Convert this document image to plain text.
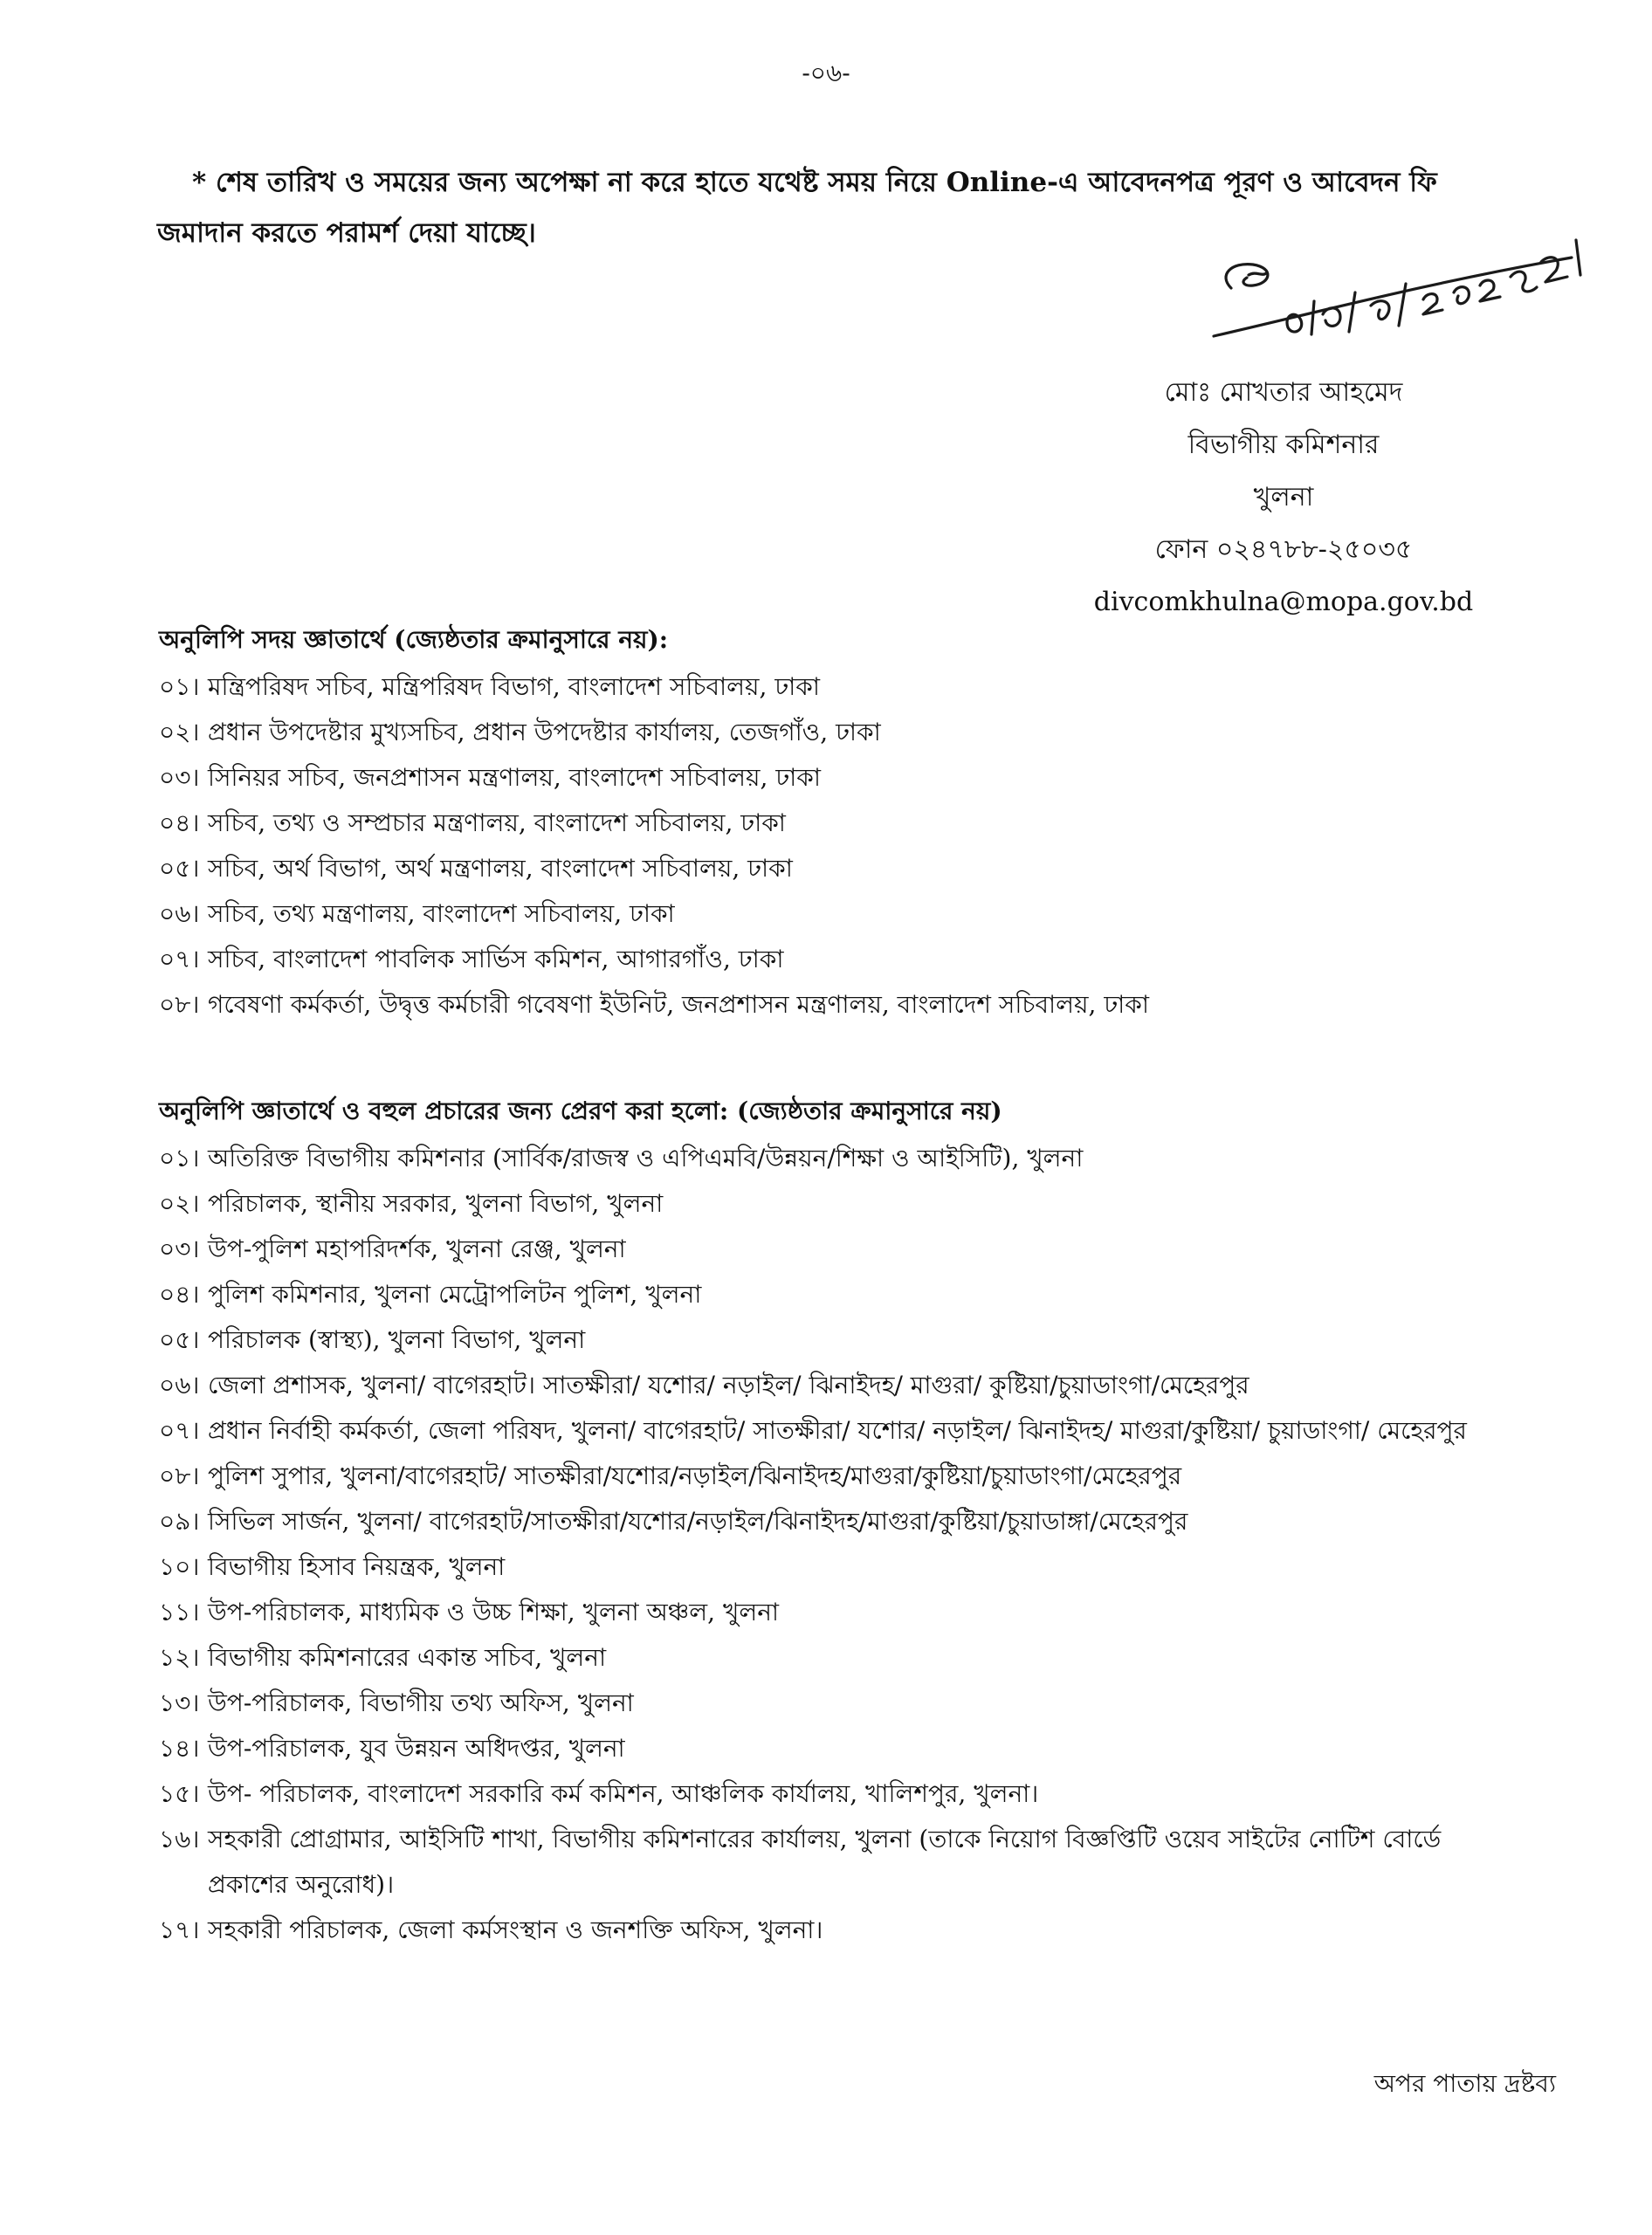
-০৬-
* শেষ তারিখ ও সময়ের জন্য অপেক্ষা না করে হাতে যথেষ্ট সময় নিয়ে Online-এ আবেদনপত্র পূরণ ও আবেদন ফি জমাদান করতে পরামর্শ দেয়া যাচ্ছে।
মোঃ মোখতার আহমেদ
বিভাগীয় কমিশনার
খুলনা
ফোন ০২৪৭৮৮-২৫০৩৫
divcomkhulna@mopa.gov.bd
অনুলিপি সদয় জ্ঞাতার্থে (জ্যেষ্ঠতার ক্রমানুসারে নয়):
০১। মন্ত্রিপরিষদ সচিব, মন্ত্রিপরিষদ বিভাগ, বাংলাদেশ সচিবালয়, ঢাকা
০২। প্রধান উপদেষ্টার মুখ্যসচিব, প্রধান উপদেষ্টার কার্যালয়, তেজগাঁও, ঢাকা
০৩। সিনিয়র সচিব, জনপ্রশাসন মন্ত্রণালয়, বাংলাদেশ সচিবালয়, ঢাকা
০৪। সচিব, তথ্য ও সম্প্রচার মন্ত্রণালয়, বাংলাদেশ সচিবালয়, ঢাকা
০৫। সচিব, অর্থ বিভাগ, অর্থ মন্ত্রণালয়, বাংলাদেশ সচিবালয়, ঢাকা
০৬। সচিব, তথ্য মন্ত্রণালয়, বাংলাদেশ সচিবালয়, ঢাকা
০৭। সচিব, বাংলাদেশ পাবলিক সার্ভিস কমিশন, আগারগাঁও, ঢাকা
০৮। গবেষণা কর্মকর্তা, উদ্বৃত্ত কর্মচারী গবেষণা ইউনিট, জনপ্রশাসন মন্ত্রণালয়, বাংলাদেশ সচিবালয়, ঢাকা
অনুলিপি জ্ঞাতার্থে ও বহুল প্রচারের জন্য প্রেরণ করা হলো: (জ্যেষ্ঠতার ক্রমানুসারে নয়)
০১। অতিরিক্ত বিভাগীয় কমিশনার (সার্বিক/রাজস্ব ও এপিএমবি/উন্নয়ন/শিক্ষা ও আইসিটি), খুলনা
০২। পরিচালক, স্থানীয় সরকার, খুলনা বিভাগ, খুলনা
০৩। উপ-পুলিশ মহাপরিদর্শক, খুলনা রেঞ্জ, খুলনা
০৪। পুলিশ কমিশনার, খুলনা মেট্রোপলিটন পুলিশ, খুলনা
০৫। পরিচালক (স্বাস্থ্য), খুলনা বিভাগ, খুলনা
০৬। জেলা প্রশাসক, খুলনা/ বাগেরহাট। সাতক্ষীরা/ যশোর/ নড়াইল/ ঝিনাইদহ/ মাগুরা/ কুষ্টিয়া/চুয়াডাংগা/মেহেরপুর
০৭। প্রধান নির্বাহী কর্মকর্তা, জেলা পরিষদ, খুলনা/ বাগেরহাট/ সাতক্ষীরা/ যশোর/ নড়াইল/ ঝিনাইদহ/ মাগুরা/কুষ্টিয়া/ চুয়াডাংগা/ মেহেরপুর
০৮। পুলিশ সুপার, খুলনা/বাগেরহাট/ সাতক্ষীরা/যশোর/নড়াইল/ঝিনাইদহ/মাগুরা/কুষ্টিয়া/চুয়াডাংগা/মেহেরপুর
০৯। সিভিল সার্জন, খুলনা/ বাগেরহাট/সাতক্ষীরা/যশোর/নড়াইল/ঝিনাইদহ/মাগুরা/কুষ্টিয়া/চুয়াডাঙ্গা/মেহেরপুর
১০। বিভাগীয় হিসাব নিয়ন্ত্রক, খুলনা
১১। উপ-পরিচালক, মাধ্যমিক ও উচ্চ শিক্ষা, খুলনা অঞ্চল, খুলনা
১২। বিভাগীয় কমিশনারের একান্ত সচিব, খুলনা
১৩। উপ-পরিচালক, বিভাগীয় তথ্য অফিস, খুলনা
১৪। উপ-পরিচালক, যুব উন্নয়ন অধিদপ্তর, খুলনা
১৫। উপ- পরিচালক, বাংলাদেশ সরকারি কর্ম কমিশন, আঞ্চলিক কার্যালয়, খালিশপুর, খুলনা।
১৬। সহকারী প্রোগ্রামার, আইসিটি শাখা, বিভাগীয় কমিশনারের কার্যালয়, খুলনা (তাকে নিয়োগ বিজ্ঞপ্তিটি ওয়েব সাইটের নোটিশ বোর্ডে প্রকাশের অনুরোধ)।
১৭। সহকারী পরিচালক, জেলা কর্মসংস্থান ও জনশক্তি অফিস, খুলনা।
অপর পাতায় দ্রষ্টব্য
